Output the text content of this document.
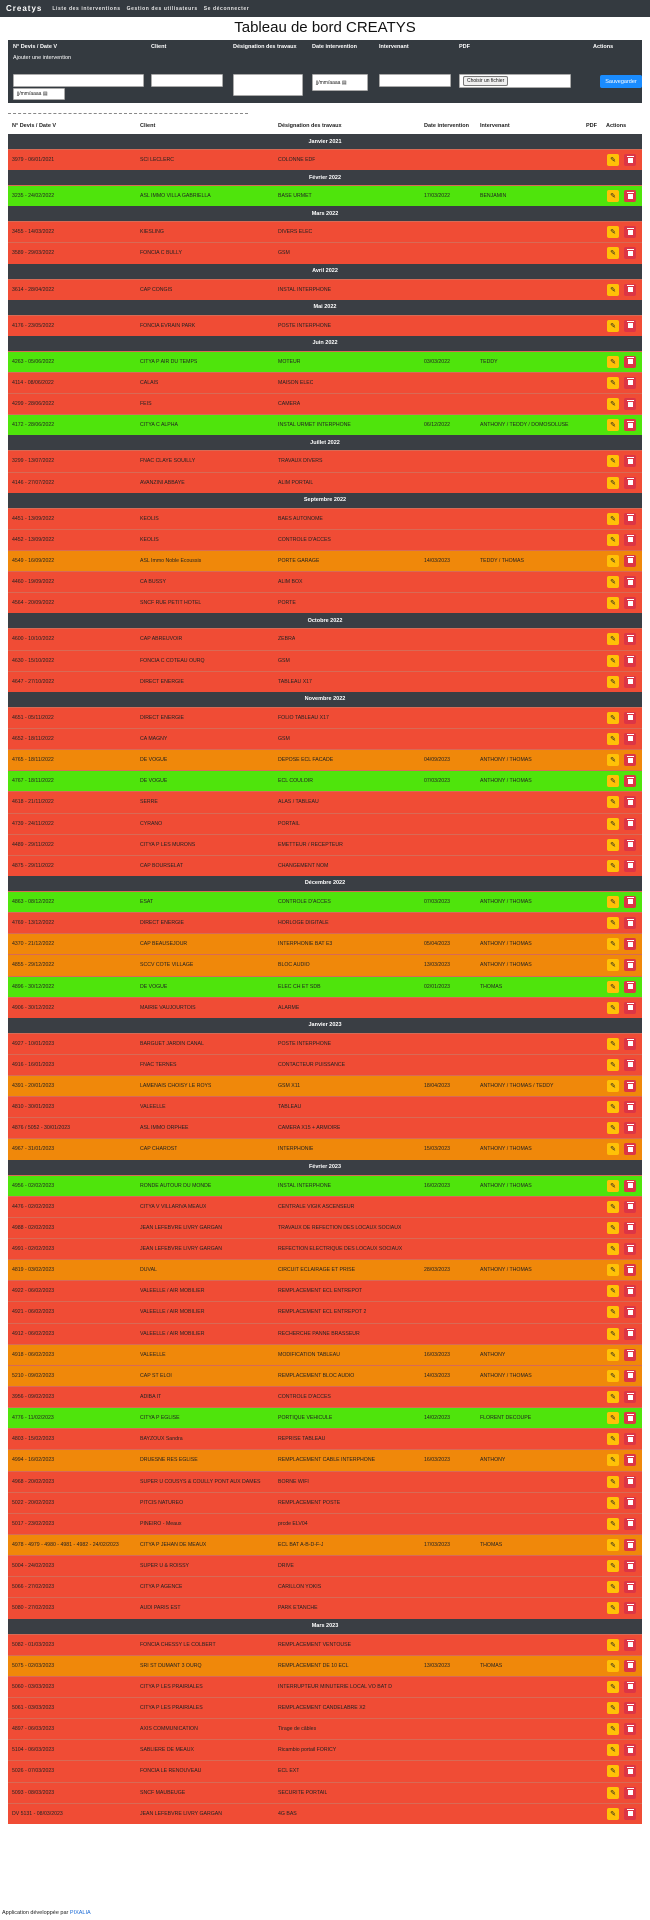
Creatys Liste des interventions Gestion des utilisateurs Se déconnecter
Tableau de bord CREATYS
N° Devis / Date V	Client	Désignation des travaux	Date intervention	Intervenant	PDF	Actions
Ajouter une intervention
jj/mm/aaaa ▤
jj/mm/aaaa ▤	Choisir un fichier	Sauvegarder
N° Devis / Date V	Client	Désignation des travaux	Date intervention Intervenant	PDF Actions
Janvier 2021
3979 - 06/01/2021	SCI LECLERC	COLONNE EDF	✎
Février 2022
3235 - 24/02/2022	ASL IMMO VILLA GABRIELLA	BASE URMET	17/03/2022	BENJAMIN	✎
Mars 2022
3455 - 14/03/2022	KIESLING	DIVERS ELEC	✎
3589 - 29/03/2022	FONCIA C BULLY	GSM	✎
Avril 2022
3614 - 28/04/2022	CAP CONGIS	INSTAL INTERPHONE	✎
Mai 2022
4176 - 23/05/2022	FONCIA EVRAIN PARK	POSTE INTERPHONE	✎
Juin 2022
4263 - 05/06/2022	CITYA P AIR DU TEMPS	MOTEUR	03/03/2022	TEDDY	✎
4114 - 08/06/2022	CALAIS	MAISON ELEC	✎
4299 - 28/06/2022	FEIS	CAMERA	✎
4172 - 28/06/2022	CITYA C ALPHA	INSTAL URMET INTERPHONE	06/12/2022	ANTHONY / TEDDY / DOMOSOLUSE	✎
Juillet 2022
3299 - 13/07/2022	FNAC CLAYE SOUILLY	TRAVAUX DIVERS	✎
4146 - 27/07/2022	AVANZINI ABBAYE	ALIM PORTAIL	✎
Septembre 2022
4451 - 13/09/2022	KEOLIS	BAES AUTONOME	✎
4452 - 13/09/2022	KEOLIS	CONTROLE D'ACCES	✎
4549 - 16/09/2022	ASL Immo Noble Ecoussis	PORTE GARAGE	14/03/2023	TEDDY / THOMAS	✎
4460 - 19/09/2022	CA BUSSY	ALIM BOX	✎
4564 - 20/09/2022	SNCF RUE PETIT HOTEL	PORTE	✎
Octobre 2022
4600 - 10/10/2022	CAP ABREUVOIR	ZEBRA	✎
4630 - 15/10/2022	FONCIA C COTEAU OURQ	GSM	✎
4647 - 27/10/2022	DIRECT ENERGIE	TABLEAU X17	✎
Novembre 2022
4651 - 05/11/2022	DIRECT ENERGIE	FOLIO TABLEAU X17	✎
4652 - 18/11/2022	CA MAGNY	GSM	✎
4765 - 18/11/2022	DE VOGUE	DEPOSE ECL FACADE	04/09/2023	ANTHONY / THOMAS	✎
4767 - 18/11/2022	DE VOGUE	ECL COULOIR	07/03/2023	ANTHONY / THOMAS	✎
4618 - 21/11/2022	SERRE	ALAS / TABLEAU	✎
4739 - 24/11/2022	CYRANO	PORTAIL	✎
4489 - 29/11/2022	CITYA P LES MURONS	EMETTEUR / RECEPTEUR	✎
4875 - 29/11/2022	CAP BOURSELAT	CHANGEMENT NOM	✎
Décembre 2022
4863 - 08/12/2022	ESAT	CONTROLE D'ACCES	07/03/2023	ANTHONY / THOMAS	✎
4769 - 13/12/2022	DIRECT ENERGIE	HORLOGE DIGITALE	✎
4370 - 21/12/2022	CAP BEAUSEJOUR	INTERPHONIE BAT E3	05/04/2023	ANTHONY / THOMAS	✎
4855 - 29/12/2022	SCCV COTE VILLAGE	BLOC AUDIO	13/03/2023	ANTHONY / THOMAS	✎
4896 - 30/12/2022	DE VOGUE	ELEC CH ET SDB	02/01/2023	THOMAS	✎
4906 - 30/12/2022	MAIRIE VAUJOURTOIS	ALARME	✎
Janvier 2023
4927 - 10/01/2023	BARGUET JARDIN CANAL	POSTE INTERPHONE	✎
4916 - 16/01/2023	FNAC TERNES	CONTACTEUR PUISSANCE	✎
4391 - 20/01/2023	LAMENAIS CHOISY LE ROYS	GSM X11	18/04/2023	ANTHONY / THOMAS / TEDDY	✎
4810 - 30/01/2023	VALEELLE	TABLEAU	✎
4876 / 5052 - 30/01/2023	ASL IMMO ORPHEE	CAMERA X15 + ARMOIRE	✎
4967 - 31/01/2023	CAP CHAROST	INTERPHONIE	15/03/2023	ANTHONY / THOMAS	✎
Février 2023
4956 - 02/02/2023	RONDE AUTOUR DU MONDE	INSTAL INTERPHONE	16/02/2023	ANTHONY / THOMAS	✎
4476 - 02/02/2023	CITYA V VILLARIVA MEAUX	CENTRALE VIGIK ASCENSEUR	✎
4988 - 02/02/2023	JEAN LEFEBVRE LIVRY GARGAN	TRAVAUX DE REFECTION DES LOCAUX SOCIAUX	✎
4991 - 02/02/2023	JEAN LEFEBVRE LIVRY GARGAN	REFECTION ELECTRIQUE DES LOCAUX SOCIAUX	✎
4819 - 03/02/2023	DUVAL	CIRCUIT ECLAIRAGE ET PRISE	28/03/2023	ANTHONY / THOMAS	✎
4922 - 06/02/2023	VALEELLE / AIR MOBILIER	REMPLACEMENT ECL ENTREPOT	✎
4921 - 06/02/2023	VALEELLE / AIR MOBILIER	REMPLACEMENT ECL ENTREPOT 2	✎
4912 - 06/02/2023	VALEELLE / AIR MOBILIER	RECHERCHE PANNE BRASSEUR	✎
4918 - 06/02/2023	VALEELLE	MODIFICATION TABLEAU	16/03/2023	ANTHONY	✎
5210 - 09/02/2023	CAP ST ELOI	REMPLACEMENT BLOC AUDIO	14/03/2023	ANTHONY / THOMAS	✎
3956 - 09/02/2023	ADIBA IT	CONTROLE D'ACCES	✎
4776 - 11/02/2023	CITYA P EGLISE	PORTIQUE VEHICULE	14/02/2023	FLORENT DECOUPE	✎
4803 - 15/02/2023	BAYZOUX Sandra	REPRISE TABLEAU	✎
4994 - 16/02/2023	DRUESNE RES EGLISE	REMPLACEMENT CABLE INTERPHONE	16/03/2023	ANTHONY	✎
4968 - 20/02/2023	SUPER U COUSYS & COULLY PONT AUX DAMES	BORNE WIFI	✎
5022 - 20/02/2023	PITCIS NATUREO	REMPLACEMENT POSTE	✎
5017 - 23/02/2023	PINEIRO - Meaux	prcde ELV04	✎
4978 - 4979 - 4980 - 4981 - 4982 - 24/02/2023	CITYA P JEHAN DE MEAUX	ECL BAT A-B-D-F-J	17/03/2023	THOMAS	✎
5004 - 24/02/2023	SUPER U & ROISSY	DRIVE	✎
5066 - 27/02/2023	CITYA P AGENCE	CARILLON YOKIS	✎
5080 - 27/02/2023	AUDI PARIS EST	PARK ETANCHE	✎
Mars 2023
5082 - 01/03/2023	FONCIA CHESSY LE COLBERT	REMPLACEMENT VENTOUSE	✎
5075 - 02/03/2023	SRI ST DUMANT 3 OURQ	REMPLACEMENT DE 10 ECL	13/03/2023	THOMAS	✎
5060 - 03/03/2023	CITYA P LES PRAIRIALES	INTERRUPTEUR MINUTERIE LOCAL VO BAT D	✎
5061 - 03/03/2023	CITYA P LES PRAIRIALES	REMPLACEMENT CANDELABRE X2	✎
4897 - 06/03/2023	AXIS COMMUNICATION	Tirage de câbles	✎
5104 - 06/03/2023	SABLIERE DE MEAUX	Ricambio portail FORICY	✎
5026 - 07/03/2023	FONCIA LE RENOUVEAU	ECL EXT	✎
5093 - 08/03/2023	SNCF MAUBEUGE	SECURITE PORTAIL	✎
DV 5131 - 08/03/2023	JEAN LEFEBVRE LIVRY GARGAN	4G BAS	✎
Application développée par PIXALIA
